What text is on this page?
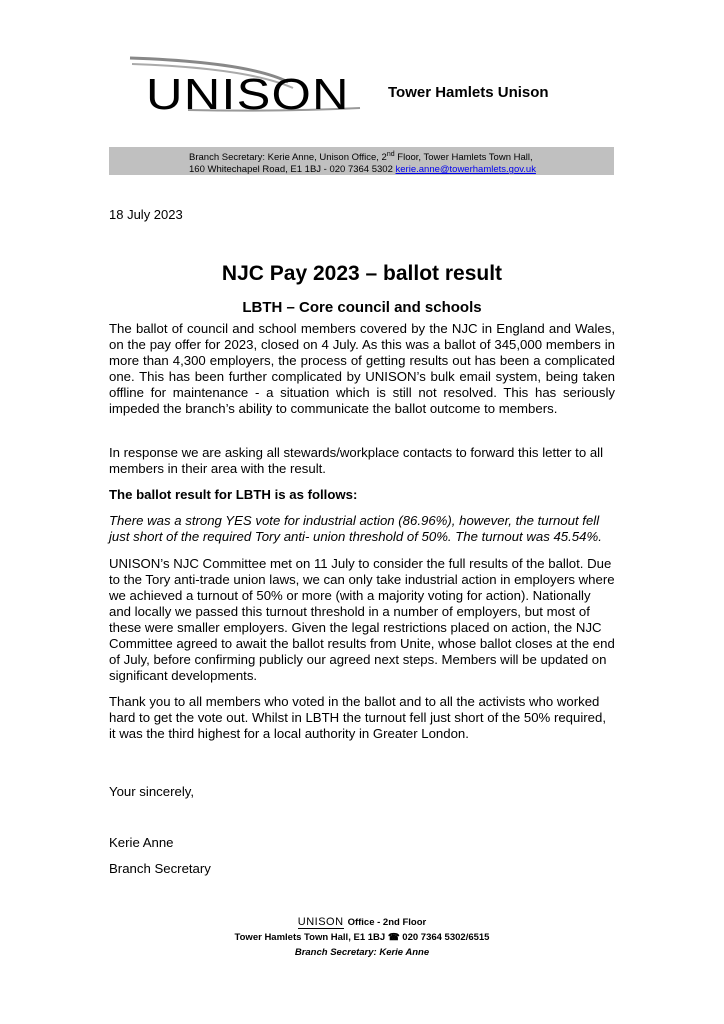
UNISON	Tower Hamlets Unison
Branch Secretary: Kerie Anne, Unison Office, 2nd Floor, Tower Hamlets Town Hall,
160 Whitechapel Road, E1 1BJ - 020 7364 5302 kerie.anne@towerhamlets.gov.uk
18 July 2023
NJC Pay 2023 – ballot result
LBTH – Core council and schools
The ballot of council and school members covered by the NJC in England and Wales, on the pay offer for 2023, closed on 4 July. As this was a ballot of 345,000 members in more than 4,300 employers, the process of getting results out has been a complicated one. This has been further complicated by UNISON’s bulk email system, being taken offline for maintenance - a situation which is still not resolved. This has seriously impeded the branch’s ability to communicate the ballot outcome to members.
In response we are asking all stewards/workplace contacts to forward this letter to all members in their area with the result.
The ballot result for LBTH is as follows:
There was a strong YES vote for industrial action (86.96%), however, the turnout fell just short of the required Tory anti- union threshold of 50%. The turnout was 45.54%.
UNISON’s NJC Committee met on 11 July to consider the full results of the ballot. Due to the Tory anti-trade union laws, we can only take industrial action in employers where we achieved a turnout of 50% or more (with a majority voting for action). Nationally and locally we passed this turnout threshold in a number of employers, but most of these were smaller employers. Given the legal restrictions placed on action, the NJC Committee agreed to await the ballot results from Unite, whose ballot closes at the end of July, before confirming publicly our agreed next steps. Members will be updated on significant developments.
Thank you to all members who voted in the ballot and to all the activists who worked hard to get the vote out. Whilst in LBTH the turnout fell just short of the 50% required, it was the third highest for a local authority in Greater London.
Your sincerely,
Kerie Anne
Branch Secretary
UNISON Office - 2nd Floor
Tower Hamlets Town Hall, E1 1BJ ☎ 020 7364 5302/6515
Branch Secretary: Kerie Anne
